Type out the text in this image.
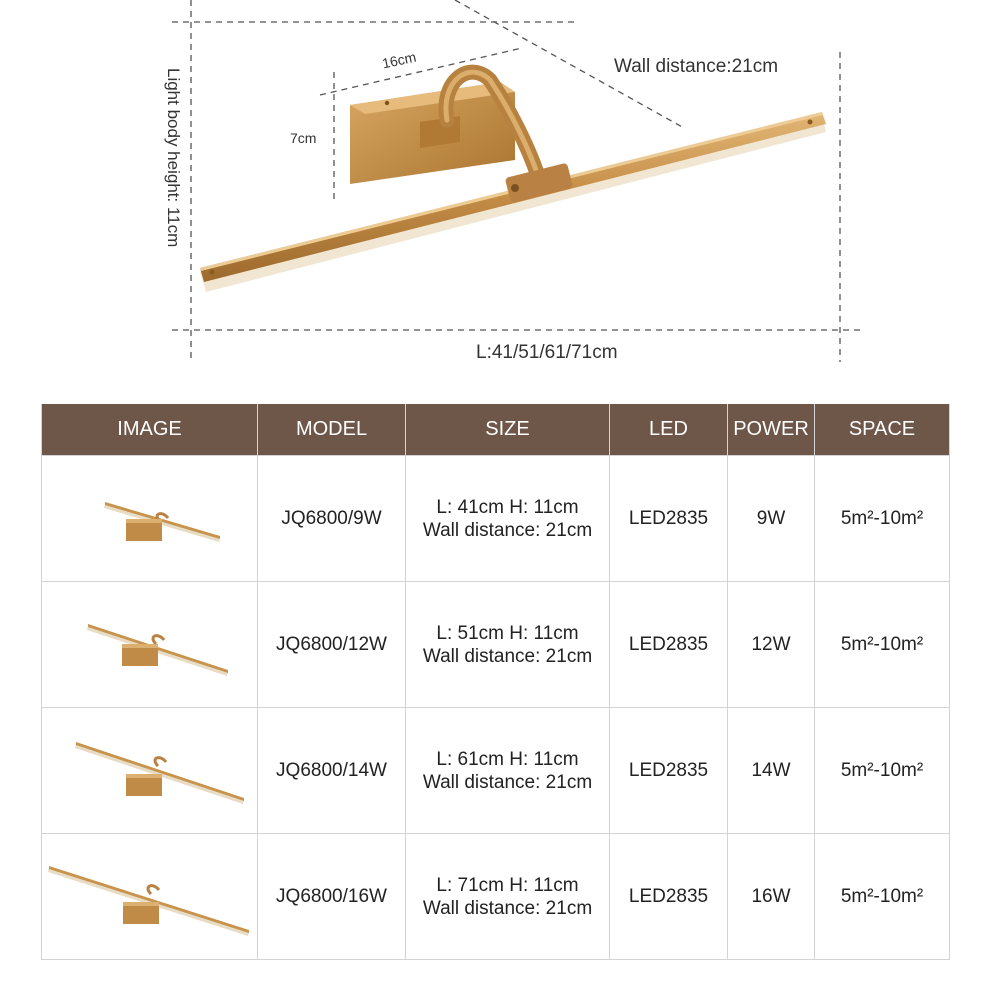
16cm
7cm
Wall distance:21cm
Light body height: 11cm
L:41/51/61/71cm
IMAGE	MODEL	SIZE	LED	POWER	SPACE

	JQ6800/9W	L: 41cm H: 11cm
Wall distance: 21cm	LED2835	9W	5m²-10m²

	JQ6800/12W	L: 51cm H: 11cm
Wall distance: 21cm	LED2835	12W	5m²-10m²

	JQ6800/14W	L: 61cm H: 11cm
Wall distance: 21cm	LED2835	14W	5m²-10m²

	JQ6800/16W	L: 71cm H: 11cm
Wall distance: 21cm	LED2835	16W	5m²-10m²
